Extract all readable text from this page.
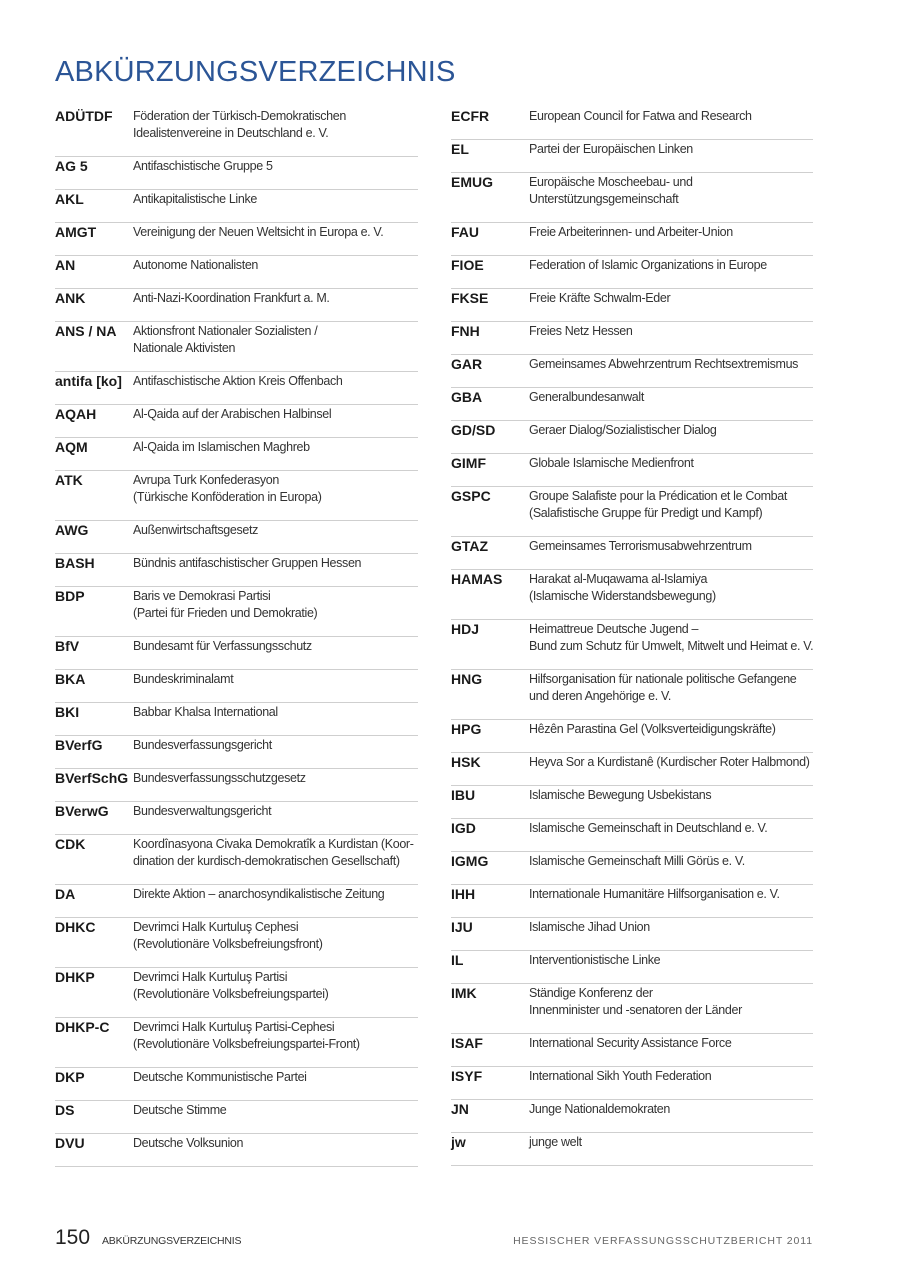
ABKÜRZUNGSVERZEICHNIS
ADÜTDF	Föderation der Türkisch-Demokratischen
Idealistenvereine in Deutschland e. V.
AG 5	Antifaschistische Gruppe 5
AKL	Antikapitalistische Linke
AMGT	Vereinigung der Neuen Weltsicht in Europa e. V.
AN	Autonome Nationalisten
ANK	Anti-Nazi-Koordination Frankfurt a. M.
ANS / NA	Aktionsfront Nationaler Sozialisten /
Nationale Aktivisten
antifa [ko] Antifaschistische Aktion Kreis Offenbach
AQAH	Al-Qaida auf der Arabischen Halbinsel
AQM	Al-Qaida im Islamischen Maghreb
ATK	Avrupa Turk Konfederasyon
(Türkische Konföderation in Europa)
AWG	Außenwirtschaftsgesetz
BASH	Bündnis antifaschistischer Gruppen Hessen
BDP	Baris ve Demokrasi Partisi
(Partei für Frieden und Demokratie)
BfV	Bundesamt für Verfassungsschutz
BKA	Bundeskriminalamt
BKI	Babbar Khalsa International
BVerfG	Bundesverfassungsgericht
BVerfSchG Bundesverfassungsschutzgesetz
BVerwG	Bundesverwaltungsgericht
CDK	Koordînasyona Civaka Demokratîk a Kurdistan (Koor-
dination der kurdisch-demokratischen Gesellschaft)
DA	Direkte Aktion – anarchosyndikalistische Zeitung
DHKC	Devrimci Halk Kurtuluş Cephesi
(Revolutionäre Volksbefreiungsfront)
DHKP	Devrimci Halk Kurtuluş Partisi
(Revolutionäre Volksbefreiungspartei)
DHKP-C	Devrimci Halk Kurtuluş Partisi-Cephesi
(Revolutionäre Volksbefreiungspartei-Front)
DKP	Deutsche Kommunistische Partei
DS	Deutsche Stimme
DVU	Deutsche Volksunion
ECFR	European Council for Fatwa and Research
EL	Partei der Europäischen Linken
EMUG	Europäische Moscheebau- und
Unterstützungsgemeinschaft
FAU	Freie Arbeiterinnen- und Arbeiter-Union
FIOE	Federation of Islamic Organizations in Europe
FKSE	Freie Kräfte Schwalm-Eder
FNH	Freies Netz Hessen
GAR	Gemeinsames Abwehrzentrum Rechtsextremismus
GBA	Generalbundesanwalt
GD/SD	Geraer Dialog/Sozialistischer Dialog
GIMF	Globale Islamische Medienfront
GSPC	Groupe Salafiste pour la Prédication et le Combat
(Salafistische Gruppe für Predigt und Kampf)
GTAZ	Gemeinsames Terrorismusabwehrzentrum
HAMAS	Harakat al-Muqawama al-Islamiya
(Islamische Widerstandsbewegung)
HDJ	Heimattreue Deutsche Jugend –
Bund zum Schutz für Umwelt, Mitwelt und Heimat e. V.
HNG	Hilfsorganisation für nationale politische Gefangene
und deren Angehörige e. V.
HPG	Hêzên Parastina Gel (Volksverteidigungskräfte)
HSK	Heyva Sor a Kurdistanê (Kurdischer Roter Halbmond)
IBU	Islamische Bewegung Usbekistans
IGD	Islamische Gemeinschaft in Deutschland e. V.
IGMG	Islamische Gemeinschaft Milli Görüs e. V.
IHH	Internationale Humanitäre Hilfsorganisation e. V.
IJU	Islamische Jihad Union
IL	Interventionistische Linke
IMK	Ständige Konferenz der
Innenminister und -senatoren der Länder
ISAF	International Security Assistance Force
ISYF	International Sikh Youth Federation
JN	Junge Nationaldemokraten
jw	junge welt
150 ABKÜRZUNGSVERZEICHNIS	HESSISCHER VERFASSUNGSSCHUTZBERICHT 2011
